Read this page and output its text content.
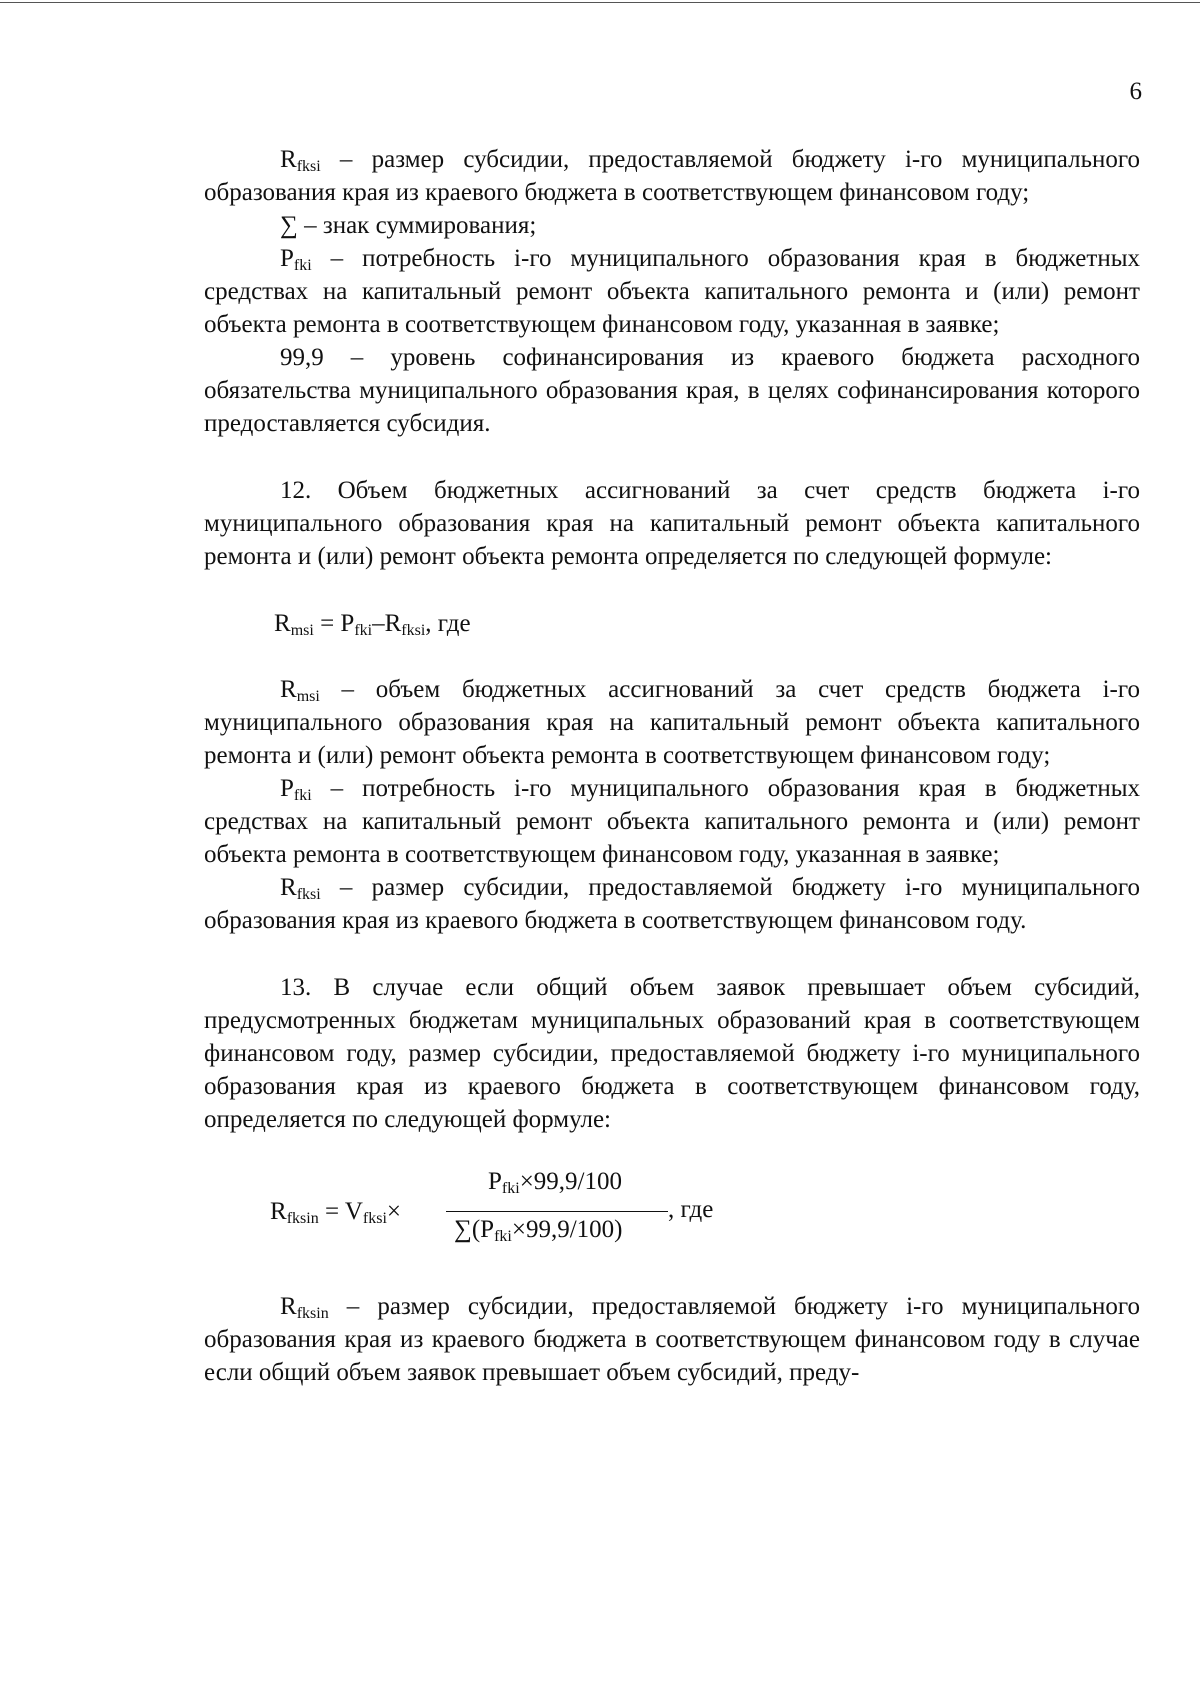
6

$R_{fksi}$ – размер субсидии, предоставляемой бюджету i-го муниципального образования края из краевого бюджета в соответствующем финансовом году;

∑ – знак суммирования;

$P_{fki}$ – потребность i-го муниципального образования края в бюджетных средствах на капитальный ремонт объекта капитального ремонта и (или) ремонт объекта ремонта в соответствующем финансовом году, указанная в заявке;

99,9 – уровень софинансирования из краевого бюджета расходного обязательства муниципального образования края, в целях софинансирования которого предоставляется субсидия.

12. Объем бюджетных ассигнований за счет средств бюджета i-го муниципального образования края на капитальный ремонт объекта капитального ремонта и (или) ремонт объекта ремонта определяется по следующей формуле:

$R_{msi} = P_{fki}-R_{fksi}$, где

$R_{msi}$ – объем бюджетных ассигнований за счет средств бюджета i-го муниципального образования края на капитальный ремонт объекта капитального ремонта и (или) ремонт объекта ремонта в соответствующем финансовом году;

$P_{fki}$ – потребность i-го муниципального образования края в бюджетных средствах на капитальный ремонт объекта капитального ремонта и (или) ремонт объекта ремонта в соответствующем финансовом году, указанная в заявке;

$R_{fksi}$ – размер субсидии, предоставляемой бюджету i-го муниципального образования края из краевого бюджета в соответствующем финансовом году.

13. В случае если общий объем заявок превышает объем субсидий, предусмотренных бюджетам муниципальных образований края в соответствующем финансовом году, размер субсидии, предоставляемой бюджету i-го муниципального образования края из краевого бюджета в соответствующем финансовом году, определяется по следующей формуле:

$R_{fksin} = V_{fksi}\times$
$P_{fki}\times 99,9/100$
$\sum(P_{fki}\times 99,9/100)$
, где

$R_{fksin}$ – размер субсидии, предоставляемой бюджету i-го муниципального образования края из краевого бюджета в соответствующем финансовом году в случае если общий объем заявок превышает объем субсидий, преду-
